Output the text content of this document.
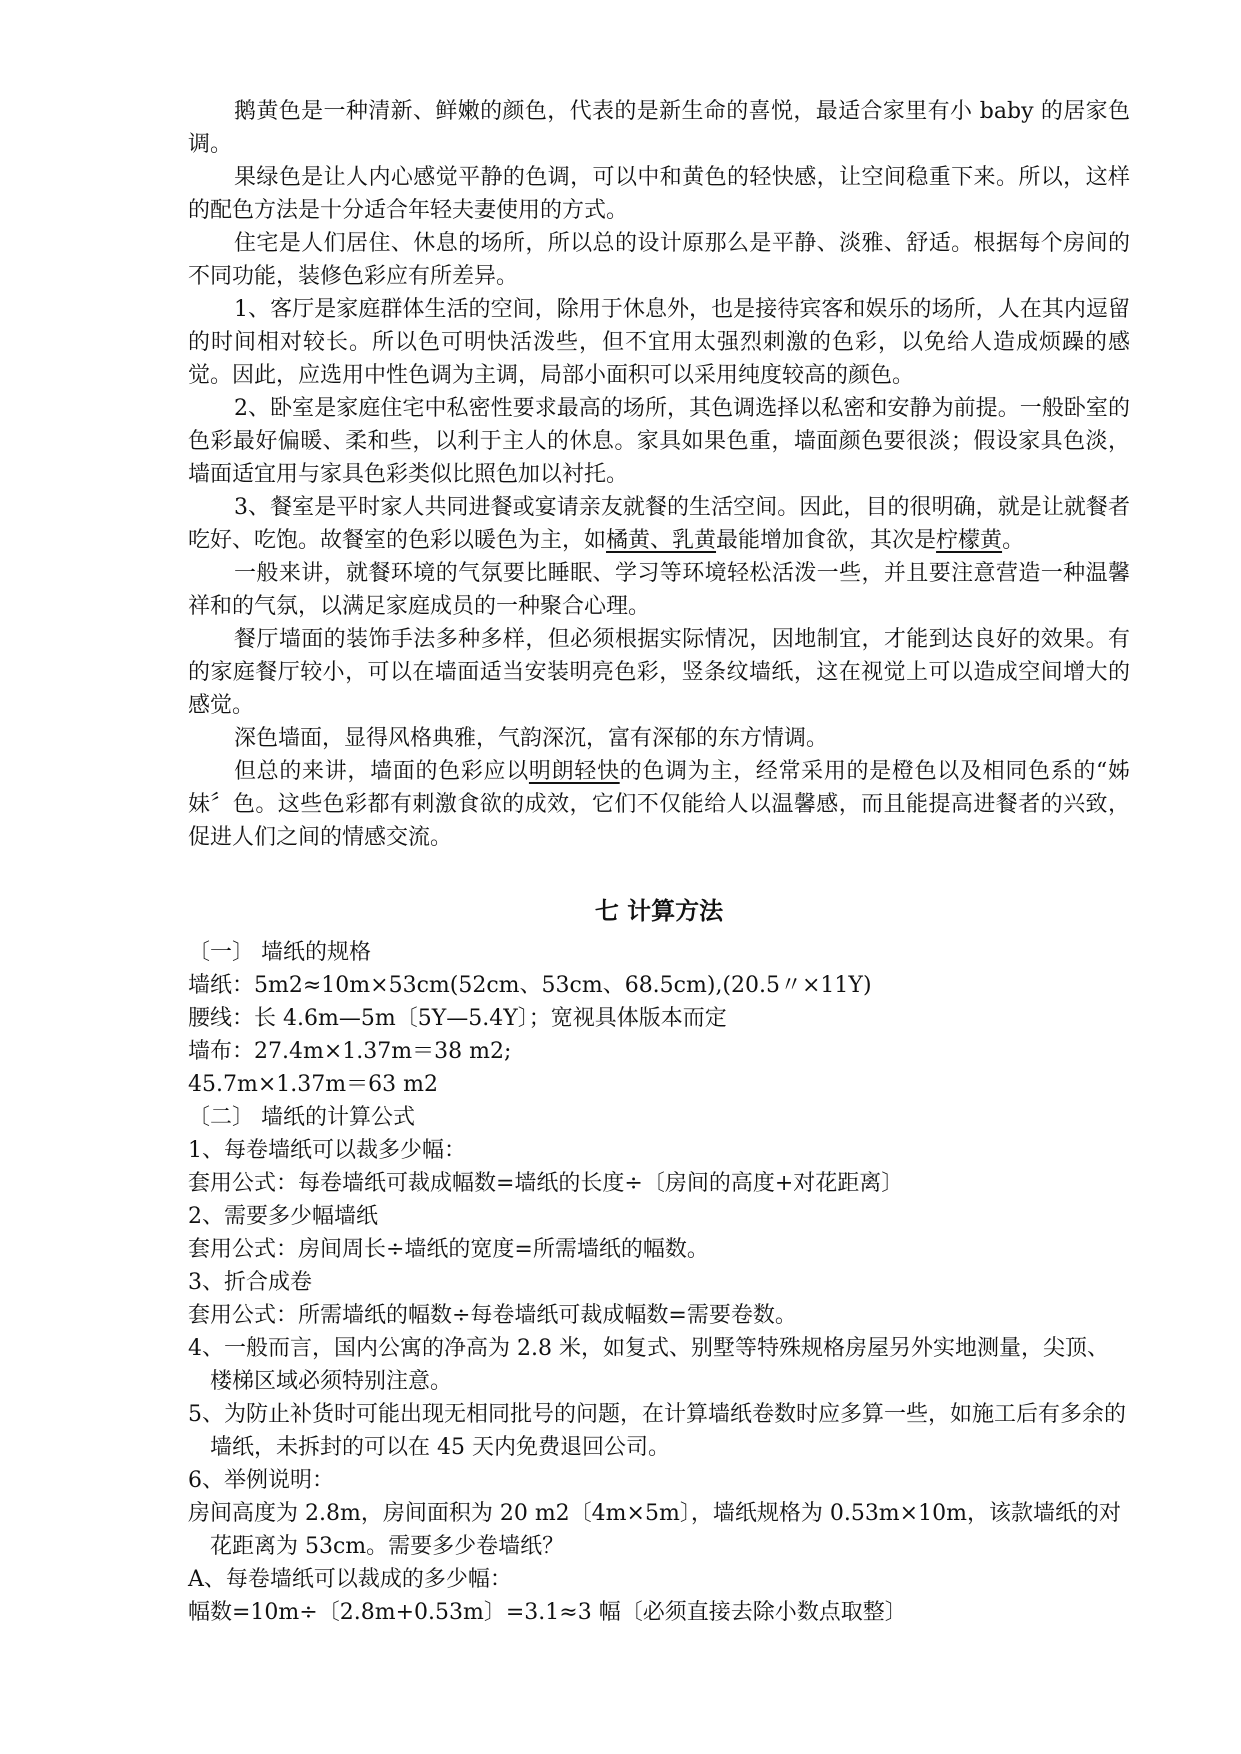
鹅黄色是一种清新、鲜嫩的颜色，代表的是新生命的喜悦，最适合家里有小 baby 的居家色调。

果绿色是让人内心感觉平静的色调，可以中和黄色的轻快感，让空间稳重下来。所以，这样的配色方法是十分适合年轻夫妻使用的方式。

住宅是人们居住、休息的场所，所以总的设计原那么是平静、淡雅、舒适。根据每个房间的不同功能，装修色彩应有所差异。

1、客厅是家庭群体生活的空间，除用于休息外，也是接待宾客和娱乐的场所，人在其内逗留的时间相对较长。所以色可明快活泼些，但不宜用太强烈刺激的色彩，以免给人造成烦躁的感觉。因此，应选用中性色调为主调，局部小面积可以采用纯度较高的颜色。

2、卧室是家庭住宅中私密性要求最高的场所，其色调选择以私密和安静为前提。一般卧室的色彩最好偏暖、柔和些，以利于主人的休息。家具如果色重，墙面颜色要很淡；假设家具色淡，墙面适宜用与家具色彩类似比照色加以衬托。

3、餐室是平时家人共同进餐或宴请亲友就餐的生活空间。因此，目的很明确，就是让就餐者吃好、吃饱。故餐室的色彩以暖色为主，如橘黄、乳黄最能增加食欲，其次是柠檬黄。

一般来讲，就餐环境的气氛要比睡眠、学习等环境轻松活泼一些，并且要注意营造一种温馨祥和的气氛，以满足家庭成员的一种聚合心理。

餐厅墙面的装饰手法多种多样，但必须根据实际情况，因地制宜，才能到达良好的效果。有的家庭餐厅较小，可以在墙面适当安装明亮色彩，竖条纹墙纸，这在视觉上可以造成空间增大的感觉。

深色墙面，显得风格典雅，气韵深沉，富有深郁的东方情调。

但总的来讲，墙面的色彩应以明朗轻快的色调为主，经常采用的是橙色以及相同色系的“姊妹〞色。这些色彩都有刺激食欲的成效，它们不仅能给人以温馨感，而且能提高进餐者的兴致，促进人们之间的情感交流。

七 计算方法

〔一〕 墙纸的规格

墙纸：5m2≈10m×53cm(52cm、53cm、68.5cm),(20.5〃×11Y)

腰线：长 4.6m—5m〔5Y—5.4Y〕；宽视具体版本而定

墙布：27.4m×1.37m＝38 m2;

45.7m×1.37m＝63 m2

〔二〕 墙纸的计算公式

1、每卷墙纸可以裁多少幅：

套用公式：每卷墙纸可裁成幅数=墙纸的长度÷〔房间的高度+对花距离〕

2、需要多少幅墙纸

套用公式：房间周长÷墙纸的宽度=所需墙纸的幅数。

3、折合成卷

套用公式：所需墙纸的幅数÷每卷墙纸可裁成幅数=需要卷数。

4、一般而言，国内公寓的净高为 2.8 米，如复式、别墅等特殊规格房屋另外实地测量，尖顶、楼梯区域必须特别注意。

5、为防止补货时可能出现无相同批号的问题，在计算墙纸卷数时应多算一些，如施工后有多余的墙纸，未拆封的可以在 45 天内免费退回公司。

6、举例说明：

房间高度为 2.8m，房间面积为 20 m2〔4m×5m〕，墙纸规格为 0.53m×10m，该款墙纸的对花距离为 53cm。需要多少卷墙纸？

A、每卷墙纸可以裁成的多少幅：

幅数=10m÷〔2.8m+0.53m〕=3.1≈3 幅〔必须直接去除小数点取整〕
